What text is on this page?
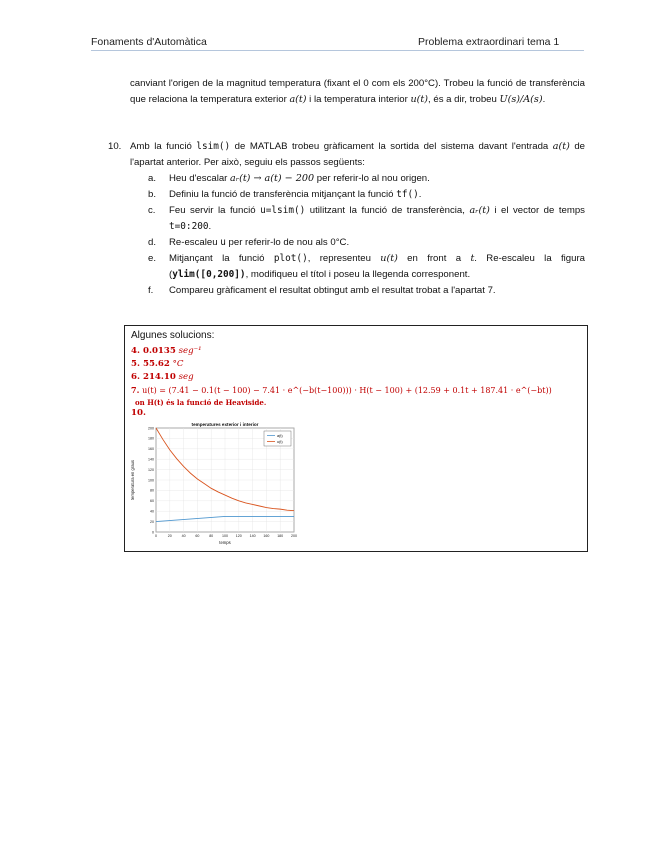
Fonaments d'Automàtica	Problema extraordinari tema 1
canviant l'origen de la magnitud temperatura (fixant el 0 com els 200°C). Trobeu la funció de transferència que relaciona la temperatura exterior a(t) i la temperatura interior u(t), és a dir, trobeu U(s)/A(s).
10. Amb la funció lsim() de MATLAB trobeu gràficament la sortida del sistema davant l'entrada a(t) de l'apartat anterior. Per això, seguiu els passos següents:
a. Heu d'escalar aᵣ(t) → a(t) − 200 per referir-lo al nou origen.
b. Definiu la funció de transferència mitjançant la funció tf().
c. Feu servir la funció u=lsim() utilitzant la funció de transferència, aᵣ(t) i el vector de temps t=0:200.
d. Re-escaleu u per referir-lo de nou als 0°C.
e. Mitjançant la funció plot(), representeu u(t) en front a t. Re-escaleu la figura (ylim([0,200]), modifiqueu el títol i poseu la llegenda corresponent.
f. Compareu gràficament el resultat obtingut amb el resultat trobat a l'apartat 7.
Algunes solucions:
4. 0.0135 seg⁻¹
5. 55.62 °C
6. 214.10 seg
7. u(t) = (7.41 − 0.1(t − 100) − 7.41 · e^(−b(t−100))) · H(t − 100) + (12.59 + 0.1t + 187.41 · e^(−bt))
on H(t) és la funció de Heaviside.
10.
0	20	40	60	80 100 120 140 160 180 200
0
20
40
60
80
100
120
140
160
180
200
temperatures exterior i interior
temps
temperatura en graus
a(t)
u(t)
